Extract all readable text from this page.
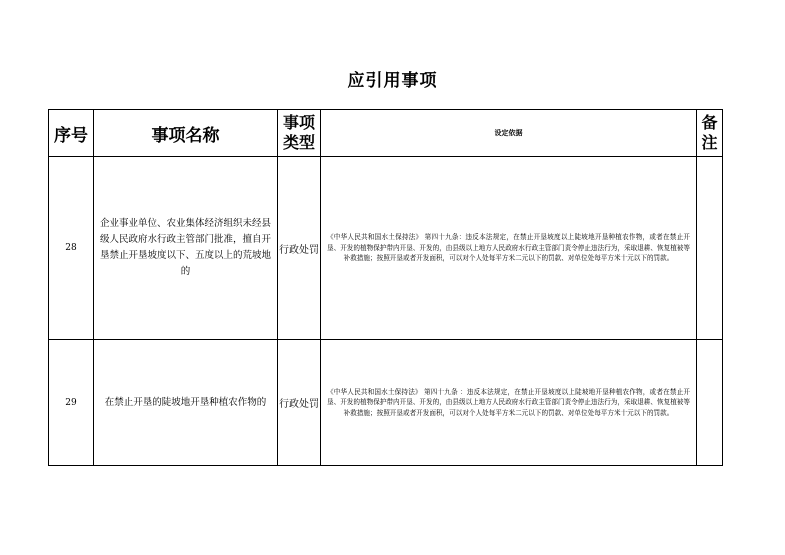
应引用事项
序号	事项名称	事项类型	设定依据	备注
28	企业事业单位、农业集体经济组织未经县级人民政府水行政主管部门批准，擅自开垦禁止开垦坡度以下、五度以上的荒坡地的	行政处罚	《中华人民共和国水土保持法》 第四十九条：违反本法规定，在禁止开垦坡度以上陡坡地开垦种植农作物，或者在禁止开垦、开发的植物保护带内开垦、开发的，由县级以上地方人民政府水行政主管部门责令停止违法行为，采取退耕、恢复植被等补救措施；按照开垦或者开发面积，可以对个人处每平方米二元以下的罚款、对单位处每平方米十元以下的罚款。	
29	在禁止开垦的陡坡地开垦种植农作物的	行政处罚	《中华人民共和国水土保持法》 第四十九条 ：违反本法规定，在禁止开垦坡度以上陡坡地开垦种植农作物，或者在禁止开垦、开发的植物保护带内开垦、开发的，由县级以上地方人民政府水行政主管部门责令停止违法行为，采取退耕、恢复植被等补救措施；按照开垦或者开发面积，可以对个人处每平方米二元以下的罚款、对单位处每平方米十元以下的罚款。	
